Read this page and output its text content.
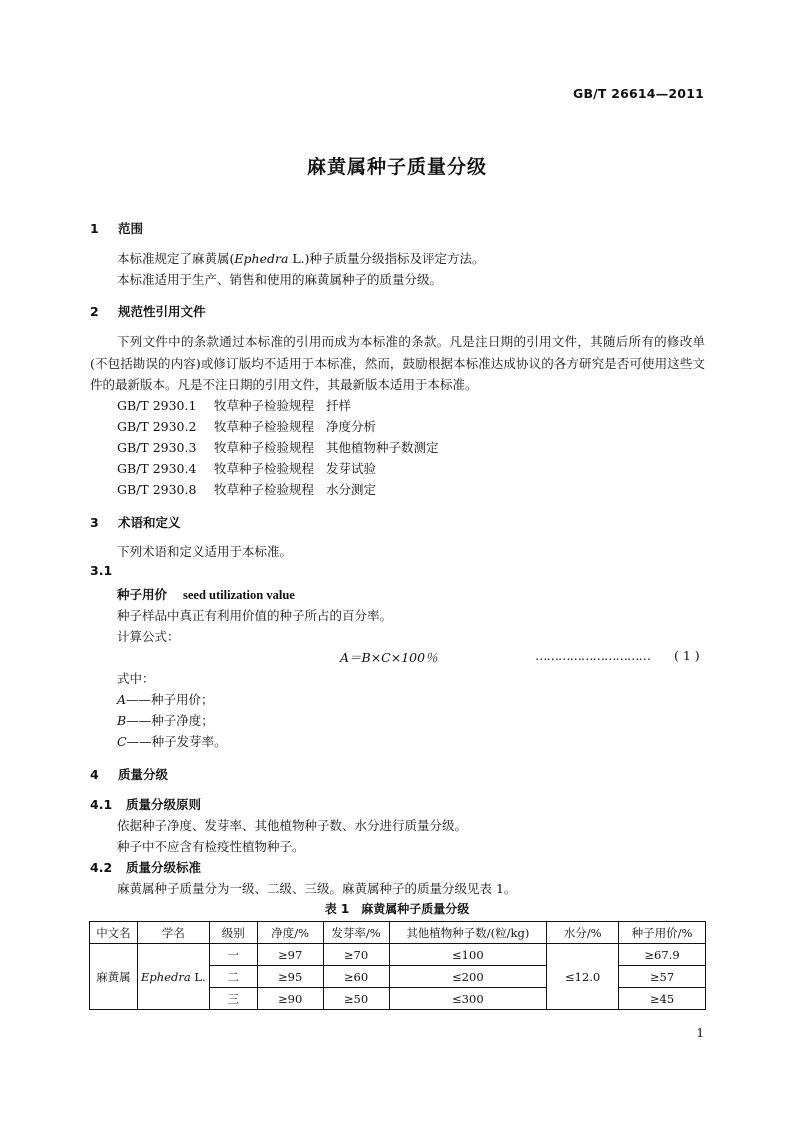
GB/T 26614—2011
麻黄属种子质量分级
1 范围
本标准规定了麻黄属(Ephedra L.)种子质量分级指标及评定方法。
本标准适用于生产、销售和使用的麻黄属种子的质量分级。
2 规范性引用文件
下列文件中的条款通过本标准的引用而成为本标准的条款。凡是注日期的引用文件，其随后所有的修改单(不包括勘误的内容)或修订版均不适用于本标准，然而，鼓励根据本标准达成协议的各方研究是否可使用这些文件的最新版本。凡是不注日期的引用文件，其最新版本适用于本标准。
GB/T 2930.1 牧草种子检验规程 扦样
GB/T 2930.2 牧草种子检验规程 净度分析
GB/T 2930.3 牧草种子检验规程 其他植物种子数测定
GB/T 2930.4 牧草种子检验规程 发芽试验
GB/T 2930.8 牧草种子检验规程 水分测定
3 术语和定义
下列术语和定义适用于本标准。
3.1
种子用价 seed utilization value
种子样品中真正有利用价值的种子所占的百分率。
计算公式：
A＝B×C×100％	………………………… ( 1 )
式中：
A——种子用价；
B——种子净度；
C——种子发芽率。
4 质量分级
4.1 质量分级原则
依据种子净度、发芽率、其他植物种子数、水分进行质量分级。
种子中不应含有检疫性植物种子。
4.2 质量分级标准
麻黄属种子质量分为一级、二级、三级。麻黄属种子的质量分级见表 1。
表 1　麻黄属种子质量分级
中文名	学名	级别	净度/%	发芽率/%	其他植物种子数/(粒/kg)	水分/%	种子用价/%
麻黄属	Ephedra L.	一	≥97	≥70	≤100	≤12.0	≥67.9
		二	≥95	≥60	≤200		≥57
		三	≥90	≥50	≤300		≥45
1
